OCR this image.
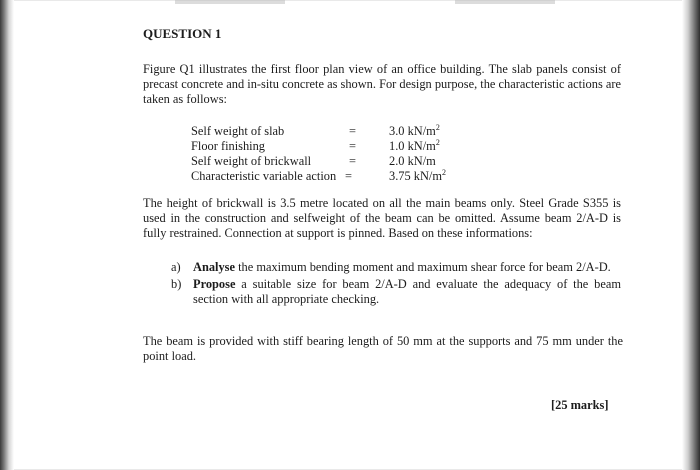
QUESTION 1

Figure Q1 illustrates the first floor plan view of an office building. The slab panels consist of precast concrete and in-situ concrete as shown. For design purpose, the characteristic actions are taken as follows:

Self weight of slab	=	3.0 $kN/m^2$
Floor finishing	=	1.0 $kN/m^2$
Self weight of brickwall	=	2.0 kN/m
Characteristic variable action =	3.75 $kN/m^2$

The height of brickwall is 3.5 metre located on all the main beams only. Steel Grade S355 is used in the construction and selfweight of the beam can be omitted. Assume beam 2/A-D is fully restrained. Connection at support is pinned. Based on these informations:

a) Analyse the maximum bending moment and maximum shear force for beam 2/A-D.
b) Propose a suitable size for beam 2/A-D and evaluate the adequacy of the beam section with all appropriate checking.

The beam is provided with stiff bearing length of 50 mm at the supports and 75 mm under the point load.

[25 marks]
